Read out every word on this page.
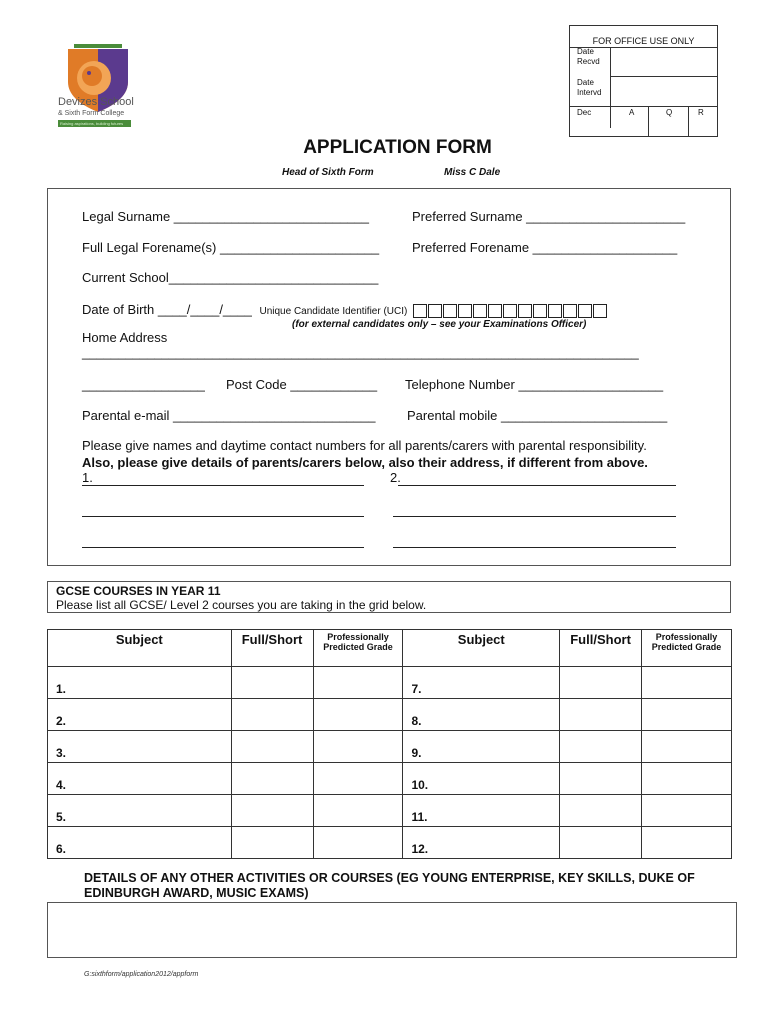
Devizes School
& Sixth Form College
Raising aspirations, building futures
FOR OFFICE USE ONLY
Date
Recvd
Date
Intervd
Dec	A	Q	R
APPLICATION FORM
Head of Sixth Form	Miss C Dale
Legal Surname ___________________________	Preferred Surname ______________________
Full Legal Forename(s) ______________________	Preferred Forename ____________________
Current School_____________________________
Date of Birth ____/____/____ Unique Candidate Identifier (UCI)
(for external candidates only – see your Examinations Officer)
Home Address
_____________________________________________________________________________
_________________ Post Code ____________ Telephone Number ____________________
Parental e-mail ____________________________ Parental mobile _______________________
Please give names and daytime contact numbers for all parents/carers with parental responsibility.
Also, please give details of parents/carers below, also their address, if different from above.
1.	2.
GCSE COURSES IN YEAR 11
Please list all GCSE/ Level 2 courses you are taking in the grid below.
Subject	Full/Short	Professionally Predicted Grade	Subject	Full/Short	Professionally Predicted Grade
1.			7.		
2.			8.		
3.			9.		
4.			10.		
5.			11.		
6.			12.		
DETAILS OF ANY OTHER ACTIVITIES OR COURSES (EG YOUNG ENTERPRISE, KEY SKILLS, DUKE OF EDINBURGH AWARD, MUSIC EXAMS)
G:sixthform/application2012/appform
